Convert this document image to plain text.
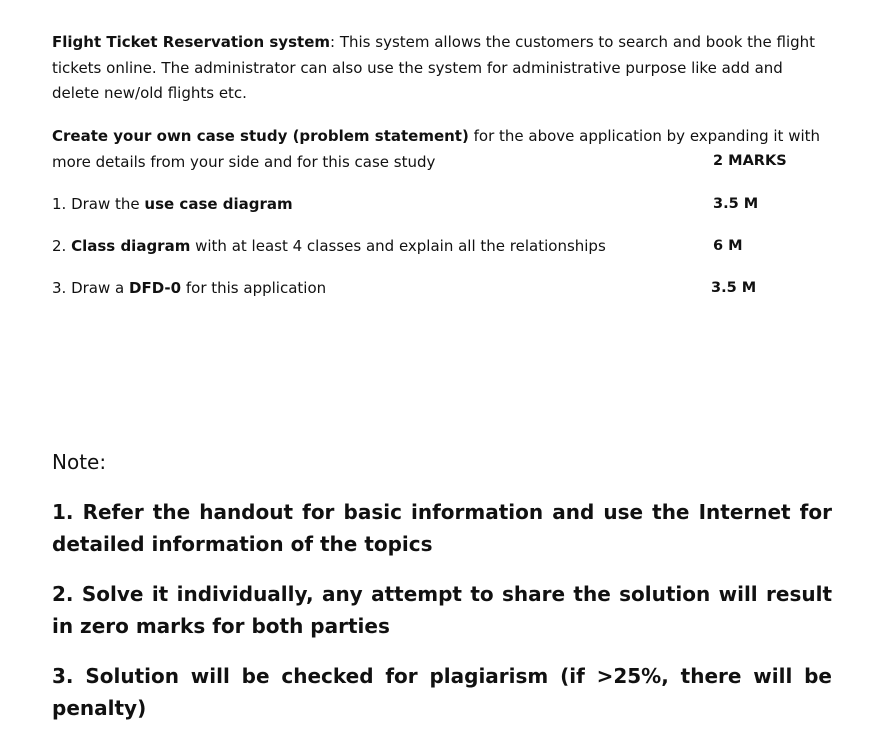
Flight Ticket Reservation system: This system allows the customers to search and book the flight tickets online. The administrator can also use the system for administrative purpose like add and delete new/old flights etc.

Create your own case study (problem statement) for the above application by expanding it with more details from your side and for this case study	2 MARKS
1. Draw the use case diagram	3.5 M
2. Class diagram with at least 4 classes and explain all the relationships	6 M
3. Draw a DFD-0 for this application	3.5 M

Note:

1. Refer the handout for basic information and use the Internet for detailed information of the topics

2. Solve it individually, any attempt to share the solution will result in zero marks for both parties

3. Solution will be checked for plagiarism (if >25%, there will be penalty)
